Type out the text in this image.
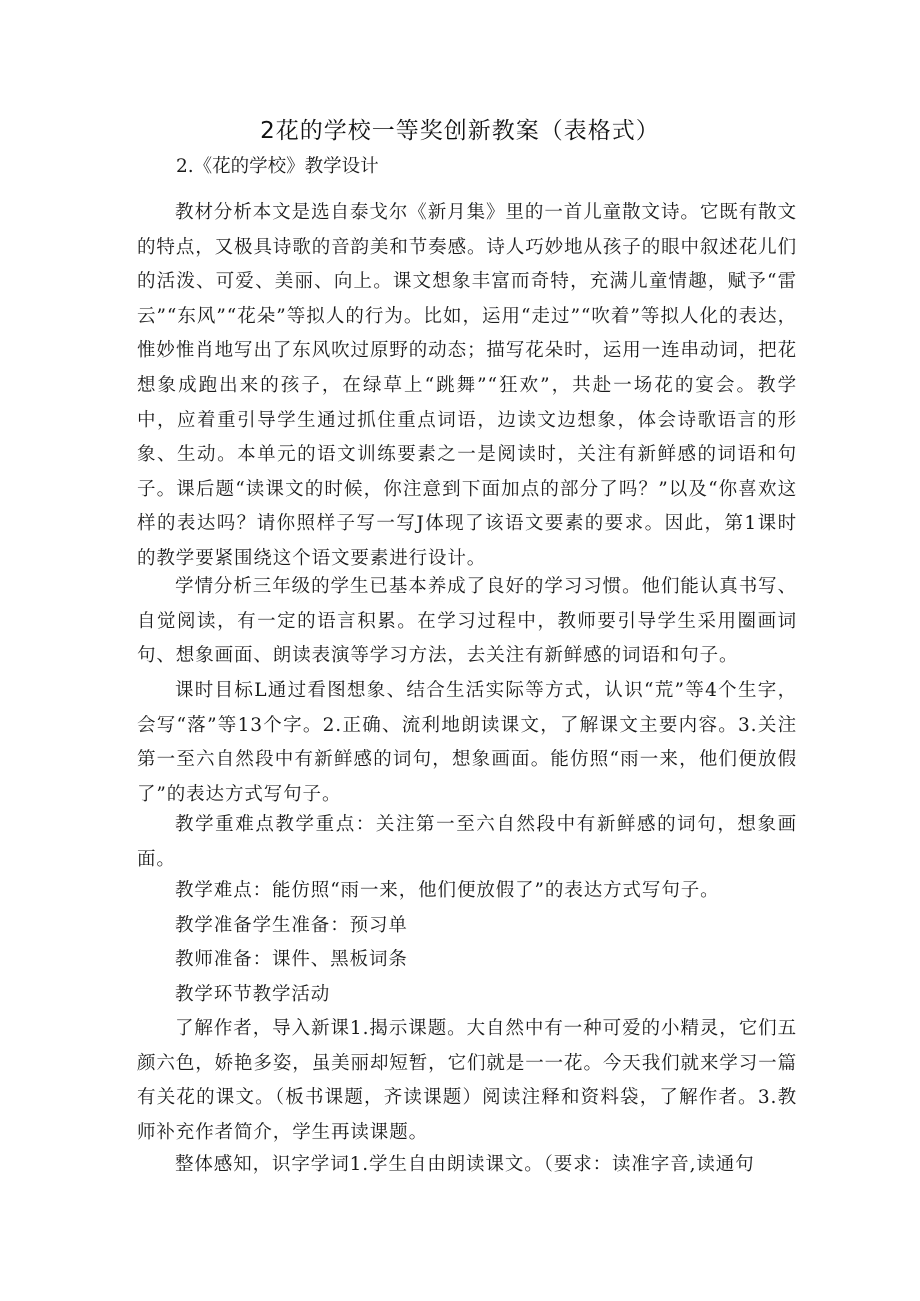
2花的学校一等奖创新教案（表格式）
2.《花的学校》教学设计

教材分析本文是选自泰戈尔《新月集》里的一首儿童散文诗。它既有散文的特点，又极具诗歌的音韵美和节奏感。诗人巧妙地从孩子的眼中叙述花儿们的活泼、可爱、美丽、向上。课文想象丰富而奇特，充满儿童情趣，赋予“雷云”“东风”“花朵”等拟人的行为。比如，运用“走过”“吹着”等拟人化的表达，惟妙惟肖地写出了东风吹过原野的动态；描写花朵时，运用一连串动词，把花想象成跑出来的孩子，在绿草上“跳舞”“狂欢”，共赴一场花的宴会。教学中，应着重引导学生通过抓住重点词语，边读文边想象，体会诗歌语言的形象、生动。本单元的语文训练要素之一是阅读时，关注有新鲜感的词语和句子。课后题“读课文的时候，你注意到下面加点的部分了吗？”以及“你喜欢这样的表达吗？请你照样子写一写J体现了该语文要素的要求。因此，第1课时的教学要紧围绕这个语文要素进行设计。

学情分析三年级的学生已基本养成了良好的学习习惯。他们能认真书写、自觉阅读，有一定的语言积累。在学习过程中，教师要引导学生采用圈画词句、想象画面、朗读表演等学习方法，去关注有新鲜感的词语和句子。

课时目标L通过看图想象、结合生活实际等方式，认识“荒”等4个生字，会写“落”等13个字。2.正确、流利地朗读课文，了解课文主要内容。3.关注第一至六自然段中有新鲜感的词句，想象画面。能仿照“雨一来，他们便放假了”的表达方式写句子。

教学重难点教学重点：关注第一至六自然段中有新鲜感的词句，想象画面。

教学难点：能仿照“雨一来，他们便放假了”的表达方式写句子。

教学准备学生准备：预习单

教师准备：课件、黑板词条

教学环节教学活动

了解作者，导入新课1.揭示课题。大自然中有一种可爱的小精灵，它们五颜六色，娇艳多姿，虽美丽却短暂，它们就是一一花。今天我们就来学习一篇有关花的课文。（板书课题，齐读课题）阅读注释和资料袋，了解作者。3.教师补充作者简介，学生再读课题。

整体感知，识字学词1.学生自由朗读课文。（要求：读准字音,读通句
